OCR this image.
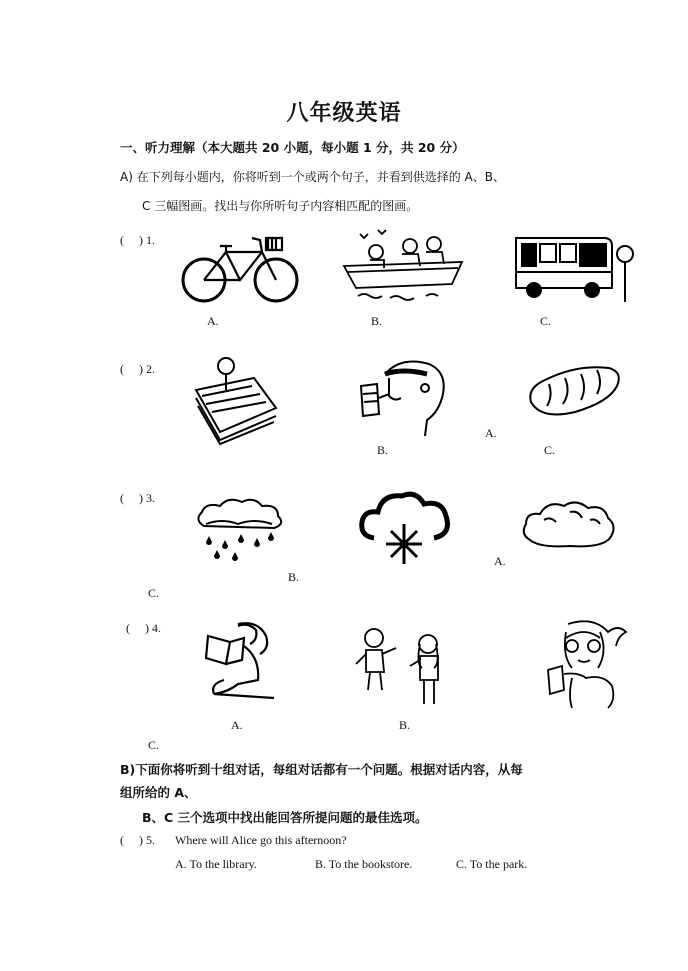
八年级英语
一、听力理解（本大题共 20 小题，每小题 1 分，共 20 分）
A) 在下列每小题内，你将听到一个或两个句子，并看到供选择的 A、B、
C 三幅图画。找出与你所听句子内容相匹配的图画。
(     ) 1.
A.	B.	C.
(     ) 2.
B.
A.
C.
(     ) 3.
B.
A.
C.
(     ) 4.
A.	B.
C.
B)下面你将听到十组对话，每组对话都有一个问题。根据对话内容，从每
组所给的 A、
B、C 三个选项中找出能回答所提问题的最佳选项。
(     ) 5. Where will Alice go this afternoon?
A. To the library.	B. To the bookstore.	C. To the park.
